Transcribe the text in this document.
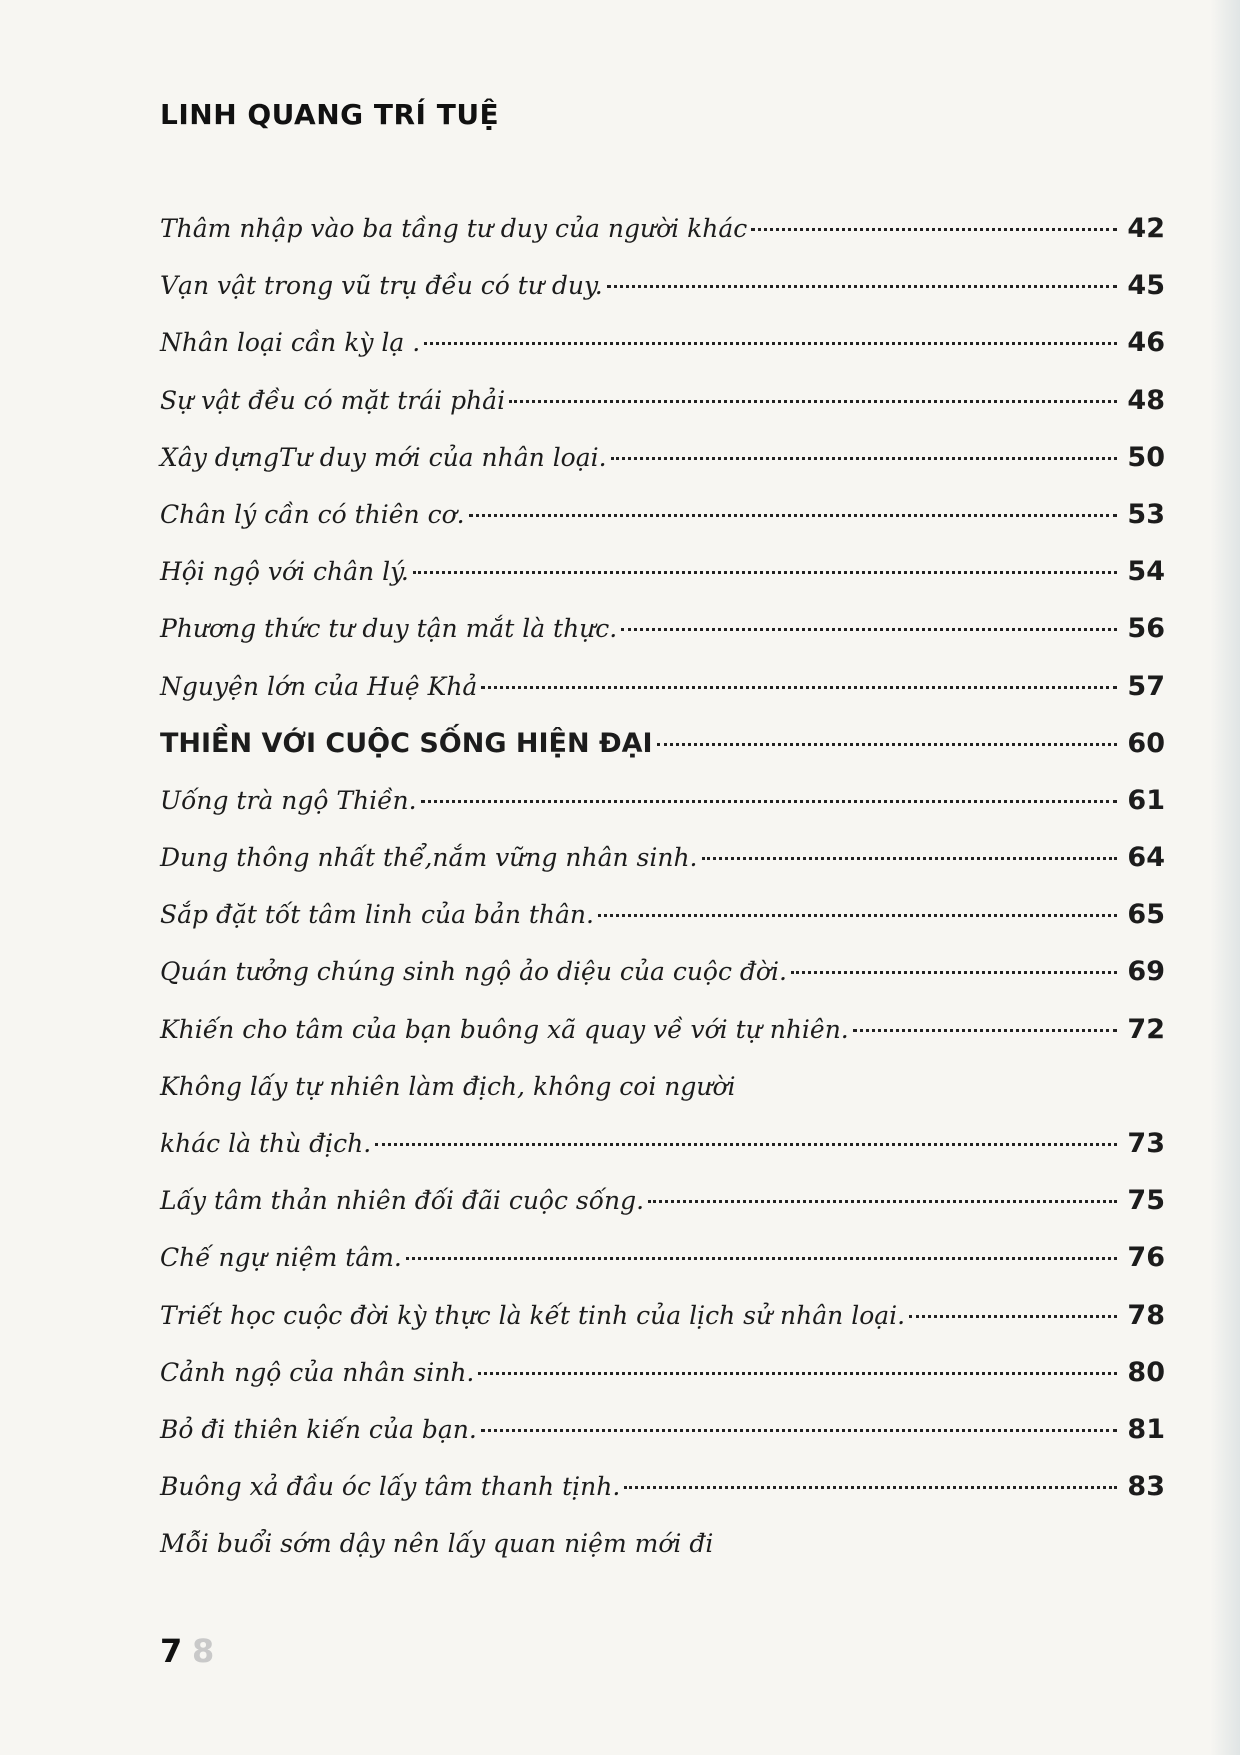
LINH QUANG TRÍ TUỆ
Thâm nhập vào ba tầng tư duy của người khác	42
Vạn vật trong vũ trụ đều có tư duy.	45
Nhân loại cần kỳ lạ .	46
Sự vật đều có mặt trái phải	48
Xây dựngTư duy mới của nhân loại.	50
Chân lý cần có thiên cơ.	53
Hội ngộ với chân lý.	54
Phương thức tư duy tận mắt là thực.	56
Nguyện lớn của Huệ Khả	57
THIỀN VỚI CUỘC SỐNG HIỆN ĐẠI	60
Uống trà ngộ Thiền.	61
Dung thông nhất thể,nắm vững nhân sinh.	64
Sắp đặt tốt tâm linh của bản thân.	65
Quán tưởng chúng sinh ngộ ảo diệu của cuộc đời.	69
Khiến cho tâm của bạn buông xã quay về với tự nhiên.	72
Không lấy tự nhiên làm địch, không coi người
khác là thù địch.	73
Lấy tâm thản nhiên đối đãi cuộc sống.	75
Chế ngự niệm tâm.	76
Triết học cuộc đời kỳ thực là kết tinh của lịch sử nhân loại.	78
Cảnh ngộ của nhân sinh.	80
Bỏ đi thiên kiến của bạn.	81
Buông xả đầu óc lấy tâm thanh tịnh.	83
Mỗi buổi sớm dậy nên lấy quan niệm mới đi
7 8
